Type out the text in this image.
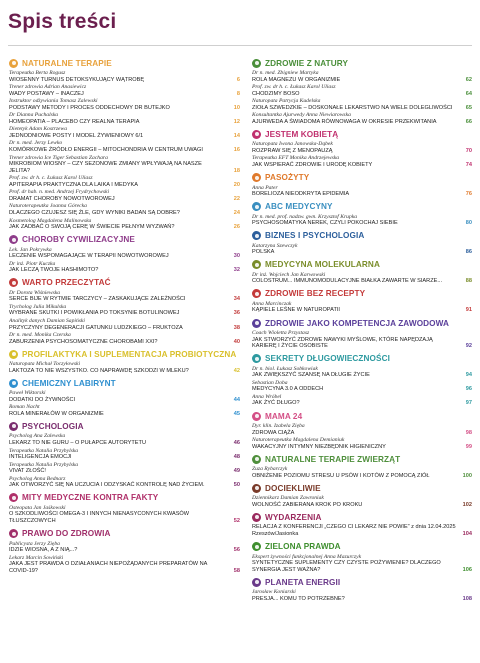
Spis treści
NATURALNE TERAPIE
Terapeutka Berta Rogusz
WIOSENNY TURNUS DETOKSYKUJĄCY WĄTROBĘ	6
Trener zdrowia Adrian Anasiewicz
WADY POSTAWY – INACZEJ	8
Instruktor odżywiania Tomasz Zalewski
PODSTAWY METODY I PROCES ODDECHOWY DR BUTEJKO	10
Dr Dianna Puchalska
HOMEOPATIA – PLACEBO CZY REALNA TERAPIA	12
Dietetyk Adam Kostrzewa
JEDNODNIOWE POSTY I MODEL ŻYWIENIOWY 6/1	14
Dr n. med. Jerzy Lewko
KOMÓRKOWE ŹRÓDŁO ENERGII – MITOCHONDRIA W CENTRUM UWAGI	16
Trener zdrowia Ice Tiger Sebastian Zachara
MIKROBIOM WIOSNY – CZY SEZONOWE ZMIANY WPŁYWAJĄ NA NASZE JELITA?	18
Prof. zw. dr h. c. Łukasz Karol Uliasz
APITERAPIA PRAKTYCZNA DLA LAIKA I MEDYKA	20
Prof. dr hab. n. med. Andrzej Frydrychowski
DRAMAT CHOROBY NOWOTWOROWEJ	22
Naturoterapeutka Joanna Górecka
DLACZEGO CZUJESZ SIĘ ŹLE, GDY WYNIKI BADAN SĄ DOBRE?	24
Kosmetolog Magdalena Malinowska
JAK ZADBAĆ O SWOJĄ CERĘ W ŚWIECIE PEŁNYM WYZWAŃ?	26
CHOROBY CYWILIZACYJNE
Lek. Jan Pokrywka
LECZENIE WSPOMAGAJĄCE W TERAPII NOWOTWOROWEJ	30
Dr inż. Piotr Kuczka
JAK LECZĄ TWOJE HASHIMOTO?	32
WARTO PRZECZYTAĆ
Dr Dorota Wiśniewska
SERCE BIJE W RYTMIE TARCZYCY – ZASKAKUJĄCE ZALEŻNOŚCI	34
Trycholog Julia Mikulska
WYBRANE SKUTKI I POWIKŁANIA PO TOKSYNIE BOTULINOWEJ	36
Analityk danych Damian Sapiński
PRZYCZYNY DEGENERACJI GATUNKU LUDZKIEGO – FRUKTOZA	38
Dr n. med. Monika Czerska
ZABURZENIA PSYCHOSOMATYCZNE CHOROBAMI XXI?	40
PROFILAKTYKA I SUPLEMENTACJA PROBIOTYCZNA
Naturopata Michał Toczyłowski
LAKTOZA TO NIE WSZYSTKO. CO NAPRAWDĘ SZKODZI W MLEKU?	42
CHEMICZNY LABIRYNT
Paweł Wiktorski
DODATKI DO ŻYWNOŚCI	44
Roman Nacht
ROLA MINERAŁÓW W ORGANIZMIE	45
PSYCHOLOGIA
Psycholog Ana Zalewska
LEKARZ TO NIE GURU – O PUŁAPCE AUTORYTETU	46
Terapeutka Natalia Przybylska
INTELIGENCJA EMOCJI	48
Terapeutka Natalia Przybylska
VIVAT ZŁOŚĆ!	49
Psycholog Anna Bednarz
JAK OTWORZYĆ SIĘ NA UCZUCIA I ODZYSKAĆ KONTROLĘ NAD ŻYCIEM.	50
MITY MEDYCZNE KONTRA FAKTY
Osteopata Jan Jaśkowski
O SZKODLIWOŚCI OMEGA-3 I INNYCH NIENASYCONYCH KWASÓW TŁUSZCZOWYCH	52
PRAWO DO ZDROWIA
Publicysta Jerzy Zięba
IDZIE WIOSNA, A Z NIĄ...?	56
Lekarz Marcin Sowiński
JAKA JEST PRAWDA O DZIAŁANIACH NIEPOŻĄDANYCH PREPARATÓW NA COVID-19?	58
ZDROWIE Z NATURY
Dr n. med. Zbigniew Martyka
ROLA MAGNEZU W ORGANIZMIE	62
Prof. zw. dr h. c. Łukasz Karol Uliasz
CHODZIMY BOSO	64
Naturopata Patrycja Kudelska
ZIOŁA SZWEDZKIE – DOSKONAŁE LEKARSTWO NA WIELE DOLEGLIWOŚCI	65
Konsultantka Ajurwedy Anna Niewiarowska
AJURWEDA A ŚWIADOMA RÓWNOWAGA W OKRESIE PRZEKWITANIA	66
JESTEM KOBIETĄ
Naturopata Iwona Janowska-Dąbek
ROZPRAW SIĘ Z MENOPAUZĄ	70
Terapeutka EFT Monika Andrzejewska
JAK WSPIERAĆ ZDROWIE I URODĘ KOBIETY	74
PASOŻYTY
Anna Pater
BORELIOZA NIEODKRYTA EPIDEMIA	76
ABC MEDYCYNY
Dr n. med. prof. nadzw. gwn. Krzysztof Krupka
PSYCHOSOMATYKA NEREK, CZYLI POKOCHAJ SIEBIE	80
BIZNES I PSYCHOLOGIA
Katarzyna Szewczyk
POLSKA	86
MEDYCYNA MOLEKULARNA
Dr inż. Wojciech Jan Karwowski
COLOSTRUM... IMMUNOMODULACYJNE BIAŁKA ZAWARTE W SIARZE...	88
ZDROWIE BEZ RECEPTY
Anna Marcinczak
KĄPIELE LEŚNE W NATUROPATII	91
ZDROWIE JAKO KOMPETENCJA ZAWODOWA
Coach Wioletta Przystasz
JAK STWORZYĆ ZDROWE NAWYKI MYŚLOWE, KTÓRE NAPĘDZAJĄ KARIERĘ I ŻYCIE OSOBISTE	92
SEKRETY DŁUGOWIECZNOŚCI
Dr n. biol. Łukasz Sobkowiak
JAK ZWIĘKSZYĆ SZANSĘ NA DŁUGIE ŻYCIE	94
Sebastian Doba
MEDYCYNA 3.0 A ODDECH	96
Anna Wróbel
JAK ŻYĆ DŁUGO?	97
MAMA 24
Dyr. klin. Izabela Zięba
ZDROWA CIĄŻA	98
Naturoterapeutka Magdalena Demianiuk
WAKACYJNY INTYMNY NIEZBĘDNIK HIGIENICZNY	99
NATURALNE TERAPIE ZWIERZĄT
Zuza Rybarczyk
OBNIŻENIE POZIOMU STRESU U PSÓW I KOTÓW Z POMOCĄ ZIÓŁ	100
DOCIEKLIWIE
Dziennikarz Damian Zawroniak
WOLNOŚĆ ZABIERANA KROK PO KROKU	102
WYDARZENIA
RELACJA Z KONFERENCJI „CZEGO CI LEKARZ NIE POWIE” z dnia 12.04.2025 Rzeszów/Jasionka	104
ZIELONA PRAWDA
Ekspert żywności funkcjonalnej Anna Mazurczyk
SYNTETYCZNE SUPLEMENTY CZY CZYSTE POŻYWIENIE? DLACZEGO SYNERGIA JEST WAŻNA?	106
PLANETA ENERGII
Jarosław Koniarski
PRESJA... KOMU TO POTRZEBNE?	108
